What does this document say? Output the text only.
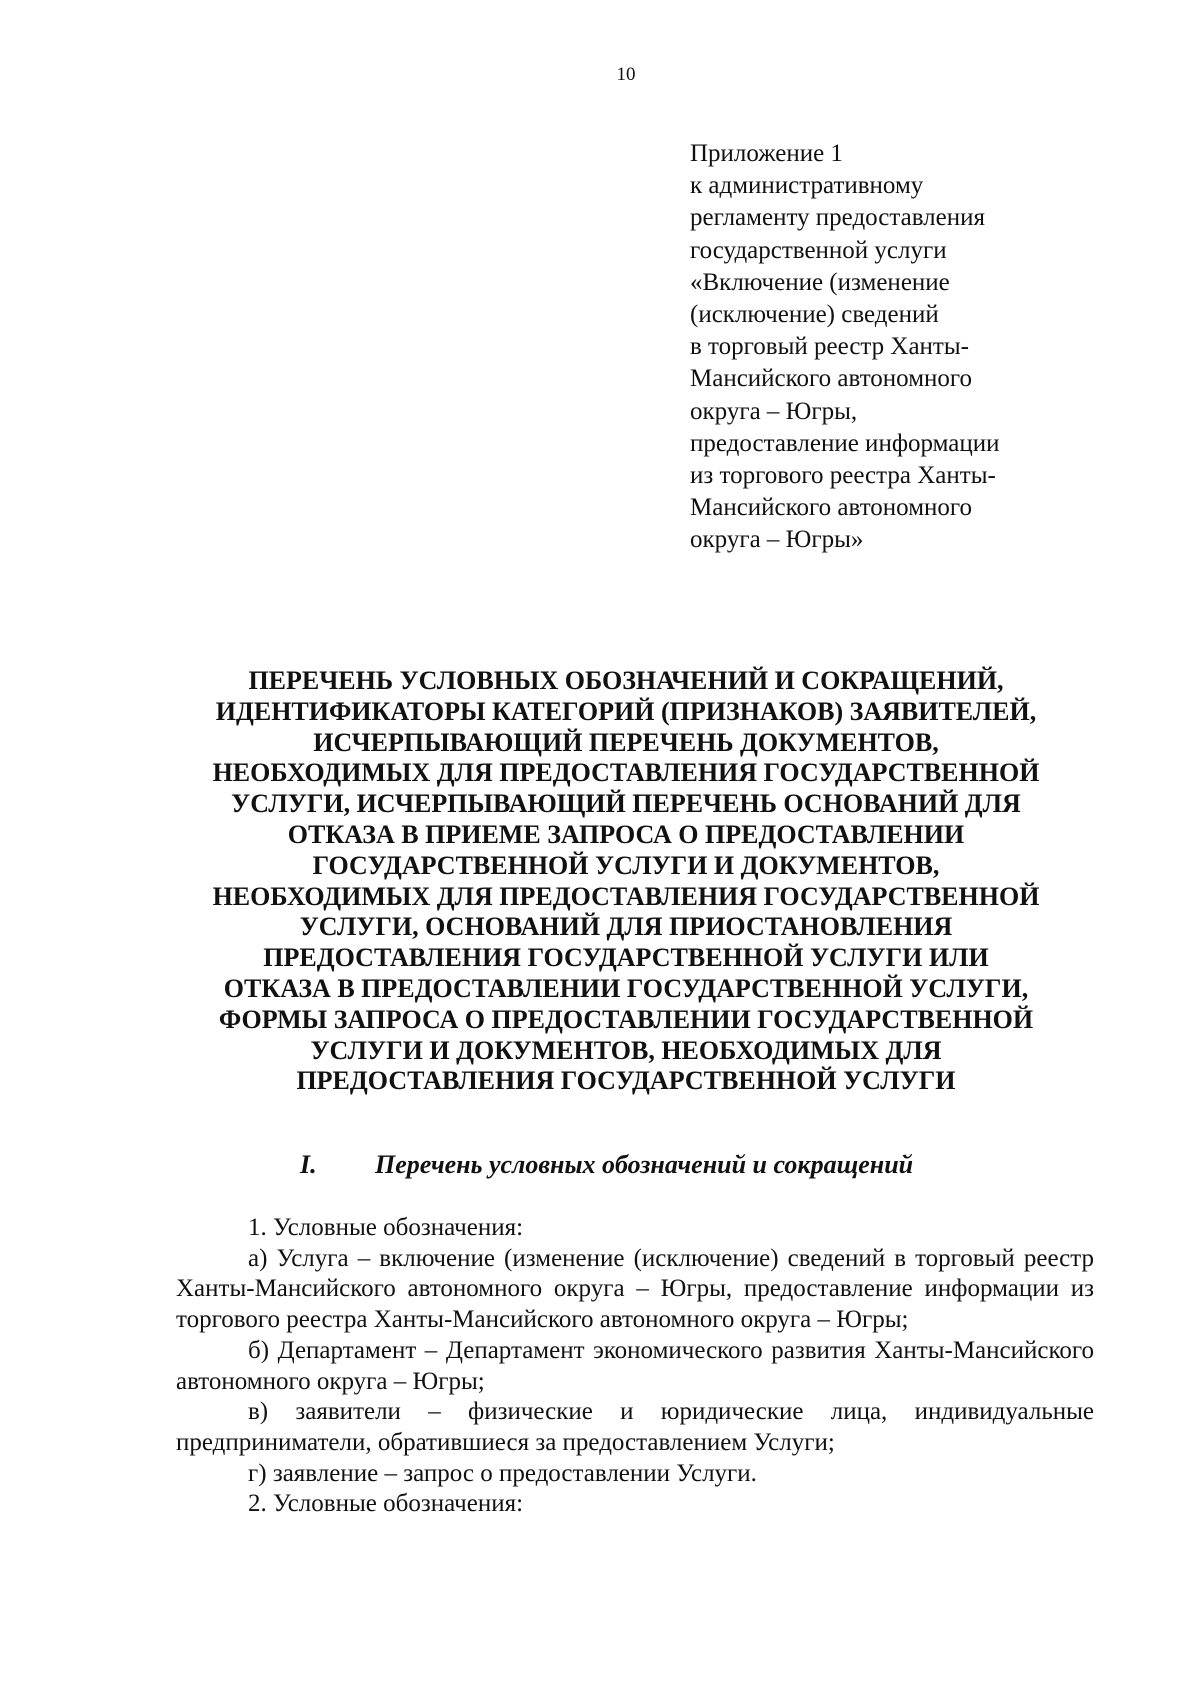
10
Приложение 1
к административному
регламенту предоставления
государственной услуги
«Включение (изменение
(исключение) сведений
в торговый реестр Ханты-
Мансийского автономного
округа – Югры,
предоставление информации
из торгового реестра Ханты-
Мансийского автономного
округа – Югры»
ПЕРЕЧЕНЬ УСЛОВНЫХ ОБОЗНАЧЕНИЙ И СОКРАЩЕНИЙ,
ИДЕНТИФИКАТОРЫ КАТЕГОРИЙ (ПРИЗНАКОВ) ЗАЯВИТЕЛЕЙ,
ИСЧЕРПЫВАЮЩИЙ ПЕРЕЧЕНЬ ДОКУМЕНТОВ,
НЕОБХОДИМЫХ ДЛЯ ПРЕДОСТАВЛЕНИЯ ГОСУДАРСТВЕННОЙ
УСЛУГИ, ИСЧЕРПЫВАЮЩИЙ ПЕРЕЧЕНЬ ОСНОВАНИЙ ДЛЯ
ОТКАЗА В ПРИЕМЕ ЗАПРОСА О ПРЕДОСТАВЛЕНИИ
ГОСУДАРСТВЕННОЙ УСЛУГИ И ДОКУМЕНТОВ,
НЕОБХОДИМЫХ ДЛЯ ПРЕДОСТАВЛЕНИЯ ГОСУДАРСТВЕННОЙ
УСЛУГИ, ОСНОВАНИЙ ДЛЯ ПРИОСТАНОВЛЕНИЯ
ПРЕДОСТАВЛЕНИЯ ГОСУДАРСТВЕННОЙ УСЛУГИ ИЛИ
ОТКАЗА В ПРЕДОСТАВЛЕНИИ ГОСУДАРСТВЕННОЙ УСЛУГИ,
ФОРМЫ ЗАПРОСА О ПРЕДОСТАВЛЕНИИ ГОСУДАРСТВЕННОЙ
УСЛУГИ И ДОКУМЕНТОВ, НЕОБХОДИМЫХ ДЛЯ
ПРЕДОСТАВЛЕНИЯ ГОСУДАРСТВЕННОЙ УСЛУГИ
I. Перечень условных обозначений и сокращений

1. Условные обозначения:

а) Услуга – включение (изменение (исключение) сведений в торговый реестр Ханты-Мансийского автономного округа – Югры, предоставление информации из торгового реестра Ханты-Мансийского автономного округа – Югры;

б) Департамент – Департамент экономического развития Ханты-Мансийского автономного округа – Югры;

в) заявители – физические и юридические лица, индивидуальные предприниматели, обратившиеся за предоставлением Услуги;

г) заявление – запрос о предоставлении Услуги.

2. Условные обозначения:
